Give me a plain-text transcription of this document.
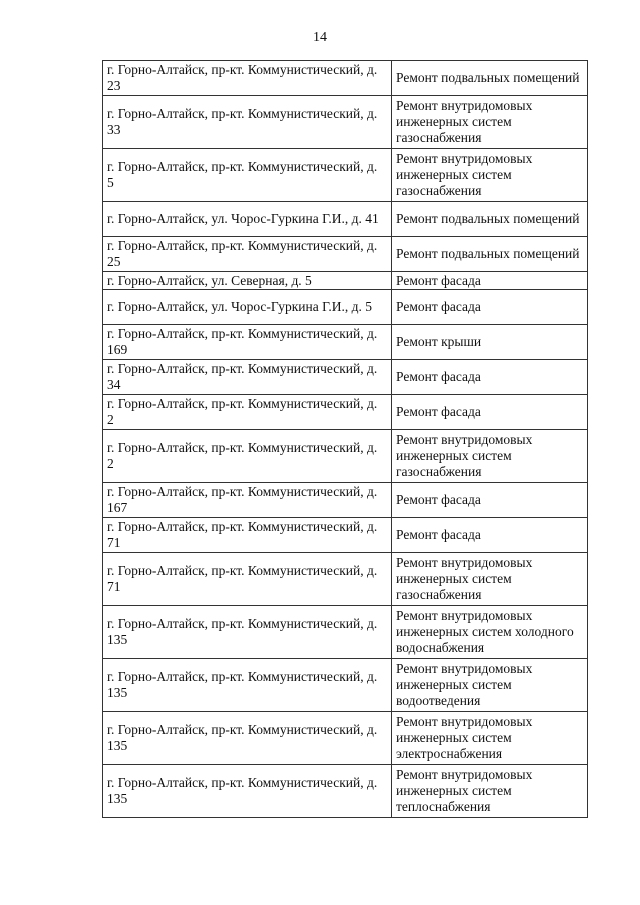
14
г. Горно-Алтайск, пр-кт. Коммунистический, д. 23	Ремонт подвальных помещений
г. Горно-Алтайск, пр-кт. Коммунистический, д. 33	Ремонт внутридомовых инженерных систем газоснабжения
г. Горно-Алтайск, пр-кт. Коммунистический, д. 5	Ремонт внутридомовых инженерных систем газоснабжения
г. Горно-Алтайск, ул. Чорос-Гуркина Г.И., д. 41	Ремонт подвальных помещений
г. Горно-Алтайск, пр-кт. Коммунистический, д. 25	Ремонт подвальных помещений
г. Горно-Алтайск, ул. Северная, д. 5	Ремонт фасада
г. Горно-Алтайск, ул. Чорос-Гуркина Г.И., д. 5	Ремонт фасада
г. Горно-Алтайск, пр-кт. Коммунистический, д. 169	Ремонт крыши
г. Горно-Алтайск, пр-кт. Коммунистический, д. 34	Ремонт фасада
г. Горно-Алтайск, пр-кт. Коммунистический, д. 2	Ремонт фасада
г. Горно-Алтайск, пр-кт. Коммунистический, д. 2	Ремонт внутридомовых инженерных систем газоснабжения
г. Горно-Алтайск, пр-кт. Коммунистический, д. 167	Ремонт фасада
г. Горно-Алтайск, пр-кт. Коммунистический, д. 71	Ремонт фасада
г. Горно-Алтайск, пр-кт. Коммунистический, д. 71	Ремонт внутридомовых инженерных систем газоснабжения
г. Горно-Алтайск, пр-кт. Коммунистический, д. 135	Ремонт внутридомовых инженерных систем холодного водоснабжения
г. Горно-Алтайск, пр-кт. Коммунистический, д. 135	Ремонт внутридомовых инженерных систем водоотведения
г. Горно-Алтайск, пр-кт. Коммунистический, д. 135	Ремонт внутридомовых инженерных систем электроснабжения
г. Горно-Алтайск, пр-кт. Коммунистический, д. 135	Ремонт внутридомовых инженерных систем теплоснабжения
